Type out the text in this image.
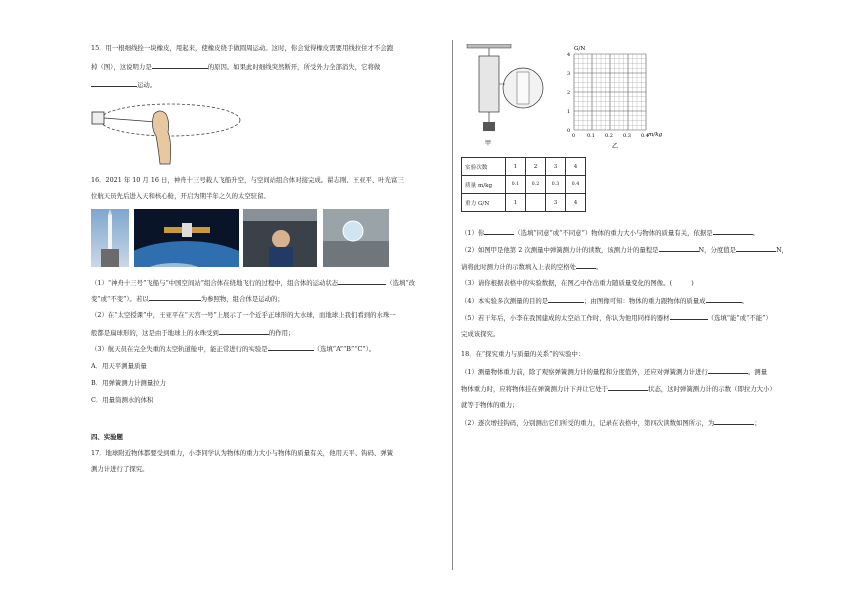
15．用一根细线拴一块橡皮，甩起来，使橡皮绕手做圆周运动。这时，你会觉得橡皮需要用线拉住才不会跑
掉（图），这说明力是	的原因。如果此时细线突然断开，所受外力全部消失，它将做
运动。
16．2021 年 10 月 16 日，神舟十三号载人飞船升空，与空间站组合体对接完成。翟志刚、王亚平、叶光富三
位航天员先后进入天和核心舱，开启为期半年之久的太空驻留。
（1）“神舟十三号”飞船与“中国空间站”组合体在绕地飞行的过程中，组合体的运动状态	（选填“改
变”或“不变”）。若以	为参照物，组合体是运动的；
（2）在“太空授课”中，王亚平在“天宫一号”上展示了一个近乎正球形的大水球，而地球上我们看到的水珠一
般都是扁球形的，这是由于地球上的水珠受到	的作用；
（3）航天员在完全失重的太空轨道舱中，能正常进行的实验是	（选填“A”“B”“C”）。
A．用天平测量质量
B．用弹簧测力计测量拉力
C．用量筒测水的体积
四、实验题
17．地球附近物体都要受到重力，小李同学认为物体的重力大小与物体的质量有关，他用天平、钩码、弹簧
测力计进行了探究。
甲
G/N
m/kg
乙
4
3
2
1
0
0 0.1 0.2 0.3 0.4
实验次数	1	2	3	4
质量 m/kg	0.1	0.2	0.3	0.4
重力 G/N	1		3	4
（1）你	（选填“同意”或“不同意”）物体的重力大小与物体的质量有关，依据是	。
（2）如图甲是他第 2 次测量中弹簧测力计的读数，该测力计的量程是	N，分度值是	N，
请将此时测力计的示数填入上表的空格处	。
（3）请你根据表格中的实验数据，在图乙中作出重力随质量变化的图像。(　　　)
（4）本实验多次测量的目的是	；由图像可知：物体的重力跟物体的质量成	。
（5）若干年后，小李在我国建成的太空站工作时，你认为他用同样的器材	（选填“能”或“不能”）
完成该探究。
18．在“探究重力与质量的关系”的实验中：
（1）测量物体重力前，除了观察弹簧测力计的量程和分度值外，还应对弹簧测力计进行	。测量
物体重力时，应将物体挂在弹簧测力计下并让它处于	状态，这时弹簧测力计的示数（即拉力大小）
就等于物体的重力；
（2）逐次增挂钩码，分别测出它们所受的重力，记录在表格中，第四次读数如图所示，为	；
